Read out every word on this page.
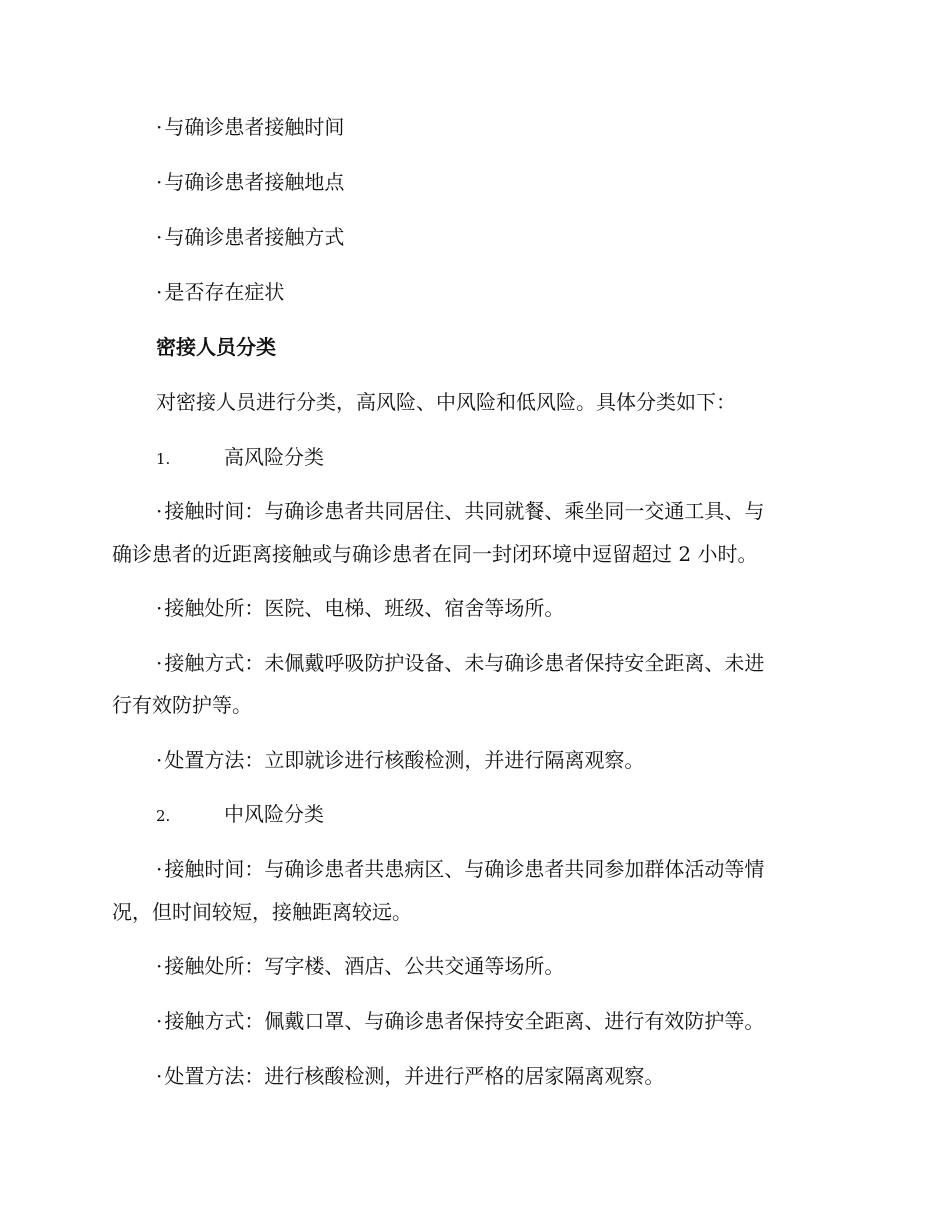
· 与确诊患者接触时间
· 与确诊患者接触地点
· 与确诊患者接触方式
· 是否存在症状
密接人员分类
对密接人员进行分类，高风险、中风险和低风险。具体分类如下：
1.	高风险分类
· 接触时间：与确诊患者共同居住、共同就餐、乘坐同一交通工具、与
确诊患者的近距离接触或与确诊患者在同一封闭环境中逗留超过 2 小时。
· 接触处所：医院、电梯、班级、宿舍等场所。
· 接触方式：未佩戴呼吸防护设备、未与确诊患者保持安全距离、未进
行有效防护等。
· 处置方法：立即就诊进行核酸检测，并进行隔离观察。
2.	中风险分类
· 接触时间：与确诊患者共患病区、与确诊患者共同参加群体活动等情
况，但时间较短，接触距离较远。
· 接触处所：写字楼、酒店、公共交通等场所。
· 接触方式：佩戴口罩、与确诊患者保持安全距离、进行有效防护等。
· 处置方法：进行核酸检测，并进行严格的居家隔离观察。
